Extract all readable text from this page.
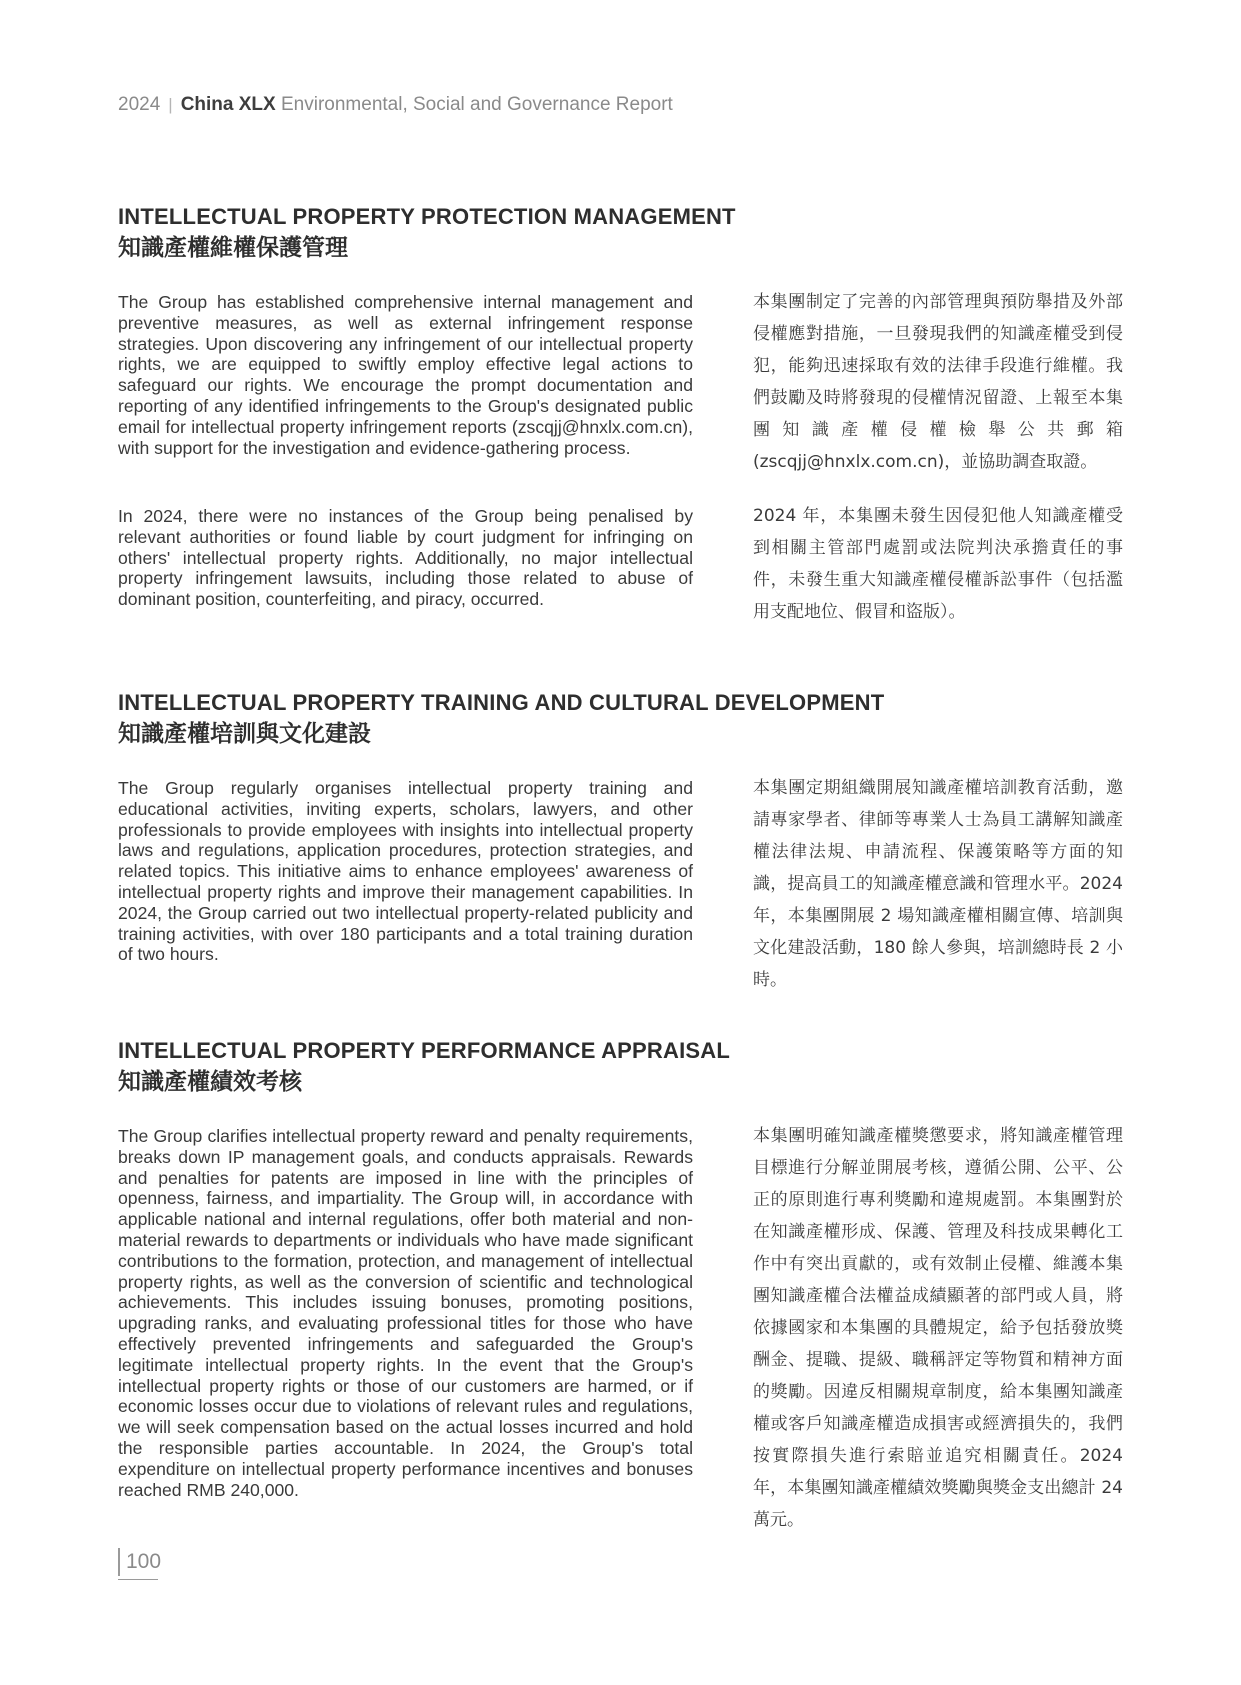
2024 | China XLX Environmental, Social and Governance Report
INTELLECTUAL PROPERTY PROTECTION MANAGEMENT
知識產權維權保護管理

The Group has established comprehensive internal management and preventive measures, as well as external infringement response strategies. Upon discovering any infringement of our intellectual property rights, we are equipped to swiftly employ effective legal actions to safeguard our rights. We encourage the prompt documentation and reporting of any identified infringements to the Group's designated public email for intellectual property infringement reports (zscqjj@hnxlx.com.cn), with support for the investigation and evidence-gathering process.

In 2024, there were no instances of the Group being penalised by relevant authorities or found liable by court judgment for infringing on others' intellectual property rights. Additionally, no major intellectual property infringement lawsuits, including those related to abuse of dominant position, counterfeiting, and piracy, occurred.

本集團制定了完善的內部管理與預防舉措及外部侵權應對措施，一旦發現我們的知識產權受到侵犯，能夠迅速採取有效的法律手段進行維權。我們鼓勵及時將發現的侵權情況留證、上報至本集團知識產權侵權檢舉公共郵箱(zscqjj@hnxlx.com.cn)，並協助調查取證。

2024 年，本集團未發生因侵犯他人知識產權受到相關主管部門處罰或法院判決承擔責任的事件，未發生重大知識產權侵權訴訟事件（包括濫用支配地位、假冒和盜版）。

INTELLECTUAL PROPERTY TRAINING AND CULTURAL DEVELOPMENT
知識產權培訓與文化建設

The Group regularly organises intellectual property training and educational activities, inviting experts, scholars, lawyers, and other professionals to provide employees with insights into intellectual property laws and regulations, application procedures, protection strategies, and related topics. This initiative aims to enhance employees' awareness of intellectual property rights and improve their management capabilities. In 2024, the Group carried out two intellectual property-related publicity and training activities, with over 180 participants and a total training duration of two hours.

本集團定期組織開展知識產權培訓教育活動，邀請專家學者、律師等專業人士為員工講解知識產權法律法規、申請流程、保護策略等方面的知識，提高員工的知識產權意識和管理水平。2024 年，本集團開展 2 場知識產權相關宣傳、培訓與文化建設活動，180 餘人參與，培訓總時長 2 小時。

INTELLECTUAL PROPERTY PERFORMANCE APPRAISAL
知識產權績效考核

The Group clarifies intellectual property reward and penalty requirements, breaks down IP management goals, and conducts appraisals. Rewards and penalties for patents are imposed in line with the principles of openness, fairness, and impartiality. The Group will, in accordance with applicable national and internal regulations, offer both material and non-material rewards to departments or individuals who have made significant contributions to the formation, protection, and management of intellectual property rights, as well as the conversion of scientific and technological achievements. This includes issuing bonuses, promoting positions, upgrading ranks, and evaluating professional titles for those who have effectively prevented infringements and safeguarded the Group's legitimate intellectual property rights. In the event that the Group's intellectual property rights or those of our customers are harmed, or if economic losses occur due to violations of relevant rules and regulations, we will seek compensation based on the actual losses incurred and hold the responsible parties accountable. In 2024, the Group's total expenditure on intellectual property performance incentives and bonuses reached RMB 240,000.

本集團明確知識產權獎懲要求，將知識產權管理目標進行分解並開展考核，遵循公開、公平、公正的原則進行專利獎勵和違規處罰。本集團對於在知識產權形成、保護、管理及科技成果轉化工作中有突出貢獻的，或有效制止侵權、維護本集團知識產權合法權益成績顯著的部門或人員，將依據國家和本集團的具體規定，給予包括發放獎酬金、提職、提級、職稱評定等物質和精神方面的獎勵。因違反相關規章制度，給本集團知識產權或客戶知識產權造成損害或經濟損失的，我們按實際損失進行索賠並追究相關責任。2024 年，本集團知識產權績效獎勵與獎金支出總計 24 萬元。

100
